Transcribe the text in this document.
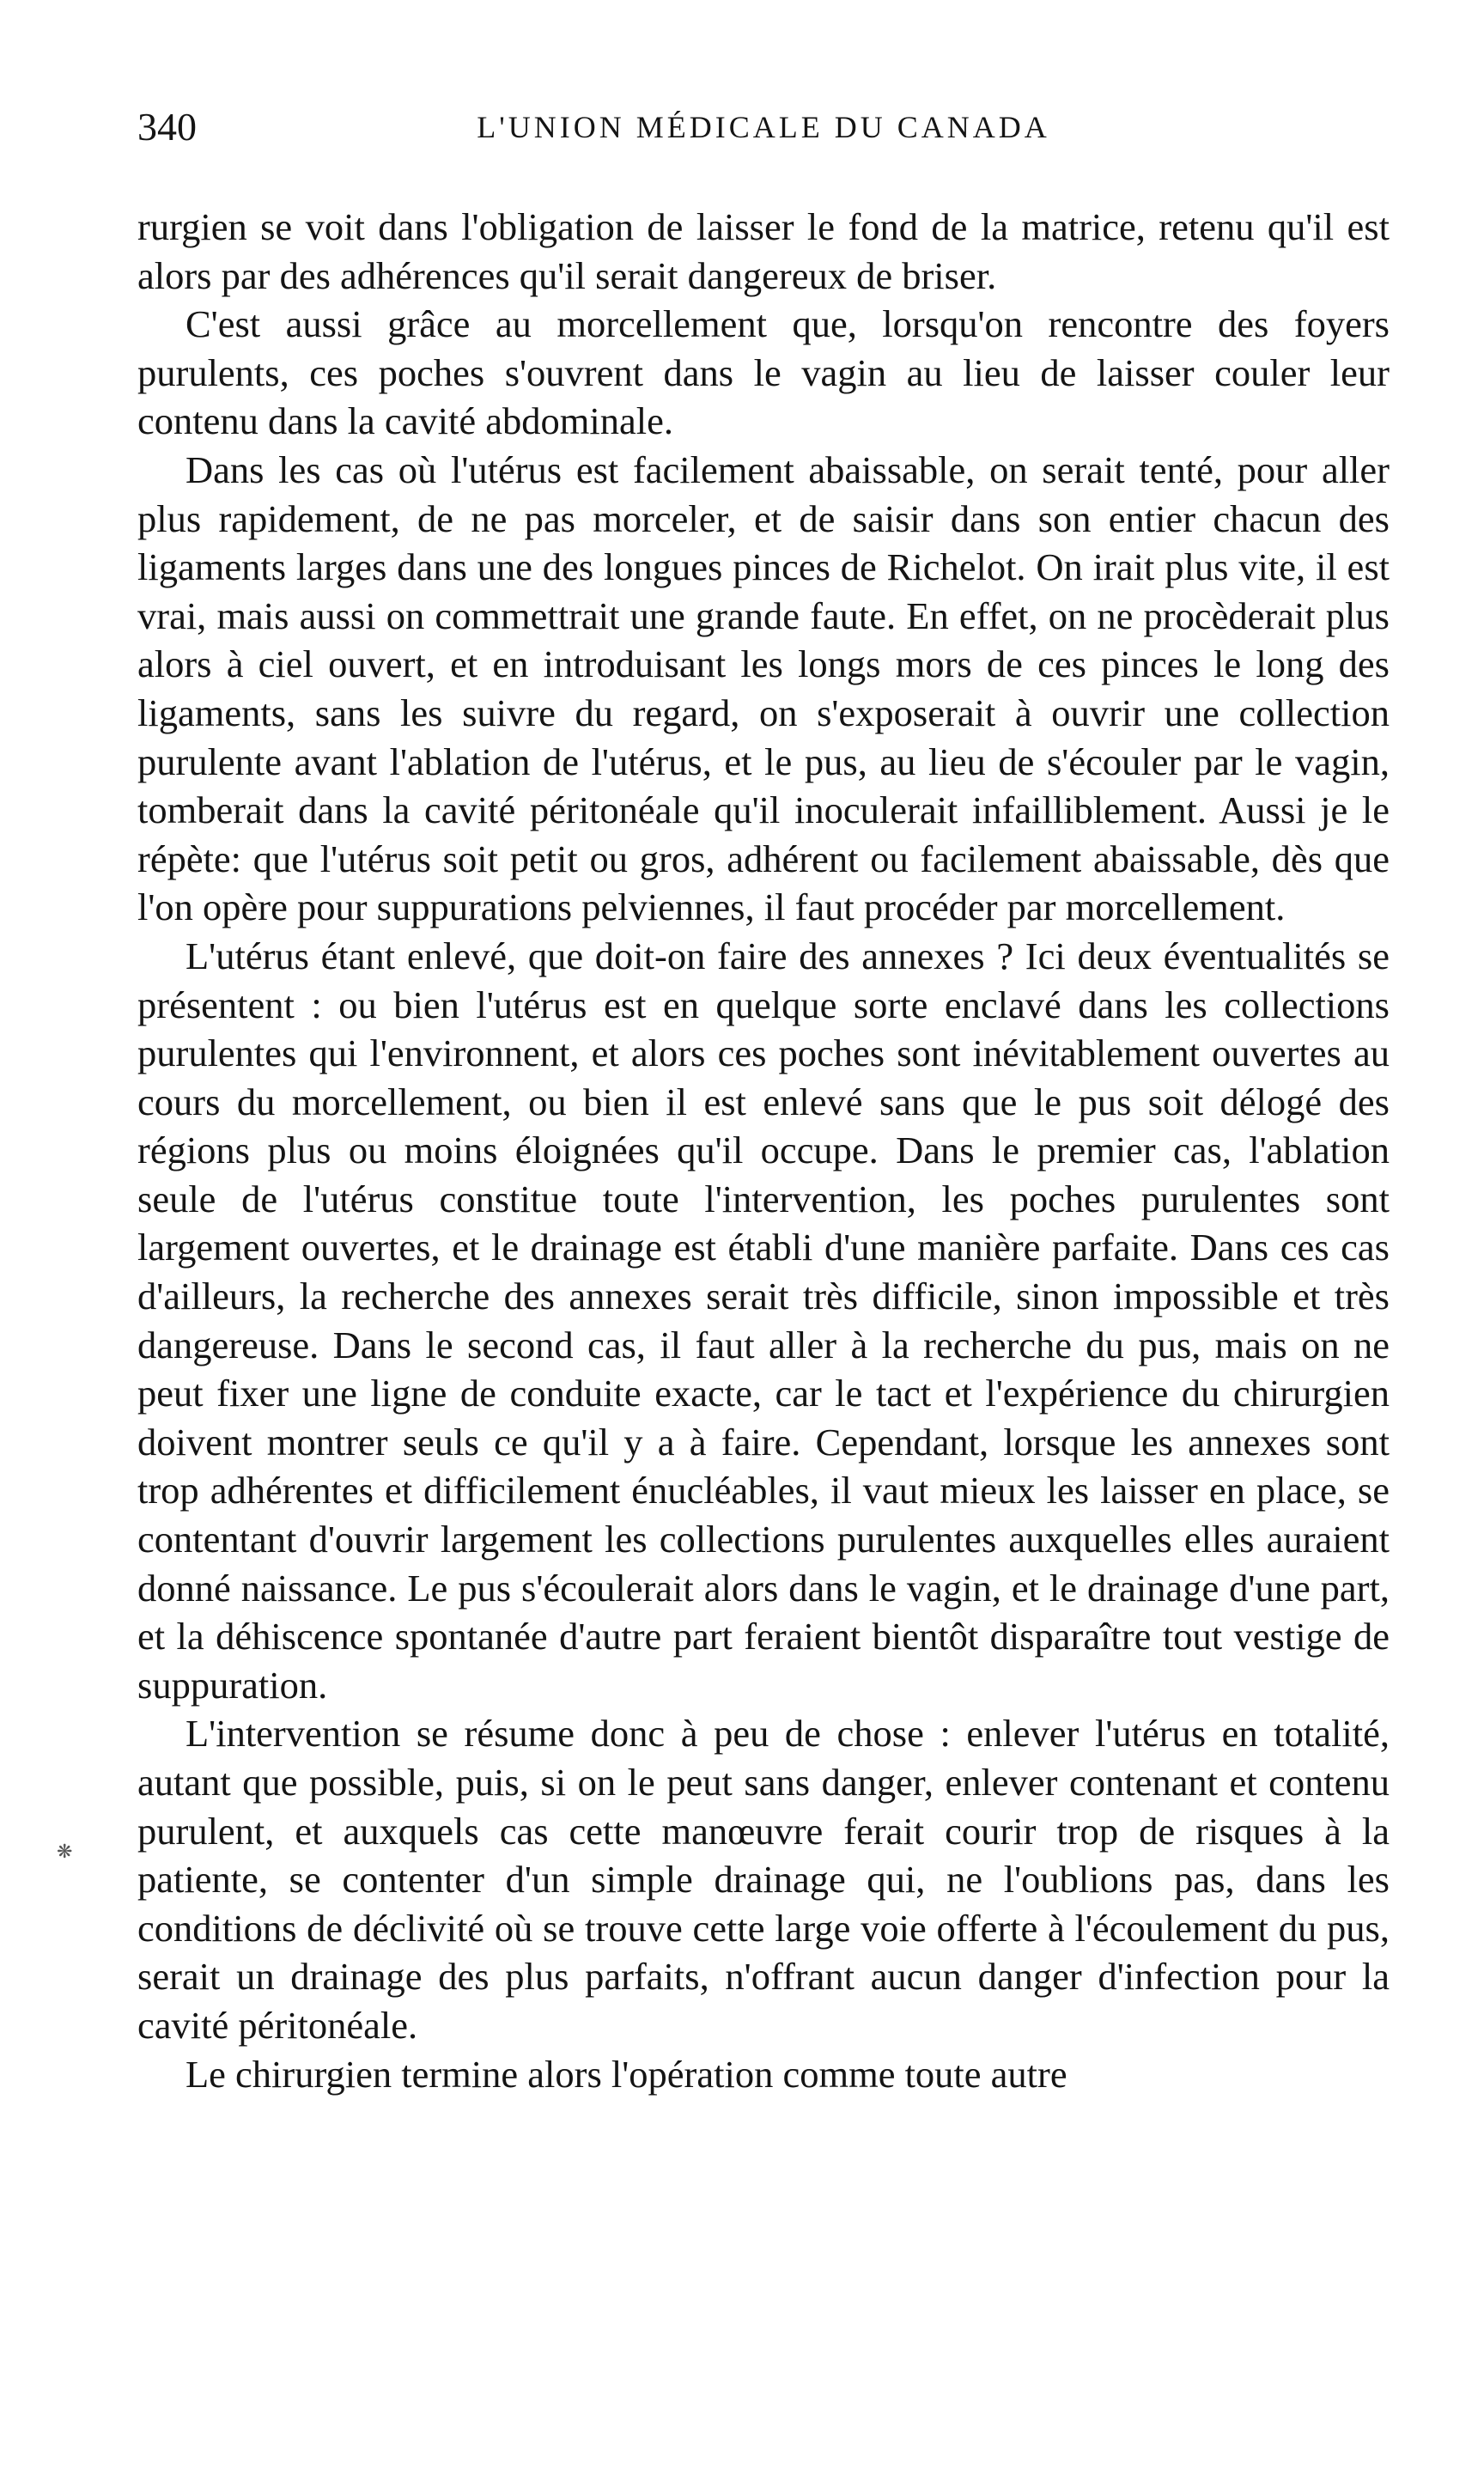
340	L'UNION MÉDICALE DU CANADA

rurgien se voit dans l'obligation de laisser le fond de la matrice, retenu qu'il est alors par des adhérences qu'il serait dangereux de briser.

C'est aussi grâce au morcellement que, lorsqu'on rencontre des foyers purulents, ces poches s'ouvrent dans le vagin au lieu de laisser couler leur contenu dans la cavité abdominale.

Dans les cas où l'utérus est facilement abaissable, on serait tenté, pour aller plus rapidement, de ne pas morceler, et de saisir dans son entier chacun des ligaments larges dans une des longues pinces de Richelot. On irait plus vite, il est vrai, mais aussi on commettrait une grande faute. En effet, on ne procèderait plus alors à ciel ouvert, et en introduisant les longs mors de ces pinces le long des ligaments, sans les suivre du regard, on s'exposerait à ouvrir une collection purulente avant l'ablation de l'utérus, et le pus, au lieu de s'écouler par le vagin, tomberait dans la cavité péritonéale qu'il inoculerait infailliblement. Aussi je le répète: que l'utérus soit petit ou gros, adhérent ou facilement abaissable, dès que l'on opère pour suppurations pelviennes, il faut procéder par morcellement.

L'utérus étant enlevé, que doit-on faire des annexes ? Ici deux éventualités se présentent : ou bien l'utérus est en quelque sorte enclavé dans les collections purulentes qui l'environnent, et alors ces poches sont inévitablement ouvertes au cours du morcellement, ou bien il est enlevé sans que le pus soit délogé des régions plus ou moins éloignées qu'il occupe. Dans le premier cas, l'ablation seule de l'utérus constitue toute l'intervention, les poches purulentes sont largement ouvertes, et le drainage est établi d'une manière parfaite. Dans ces cas d'ailleurs, la recherche des annexes serait très difficile, sinon impossible et très dangereuse. Dans le second cas, il faut aller à la recherche du pus, mais on ne peut fixer une ligne de conduite exacte, car le tact et l'expérience du chirurgien doivent montrer seuls ce qu'il y a à faire. Cependant, lorsque les annexes sont trop adhérentes et difficilement énucléables, il vaut mieux les laisser en place, se contentant d'ouvrir largement les collections purulentes auxquelles elles auraient donné naissance. Le pus s'écoulerait alors dans le vagin, et le drainage d'une part, et la déhiscence spontanée d'autre part feraient bientôt disparaître tout vestige de suppuration.

L'intervention se résume donc à peu de chose : enlever l'utérus en totalité, autant que possible, puis, si on le peut sans danger, enlever contenant et contenu purulent, et auxquels cas cette manœuvre ferait courir trop de risques à la patiente, se contenter d'un simple drainage qui, ne l'oublions pas, dans les conditions de déclivité où se trouve cette large voie offerte à l'écoulement du pus, serait un drainage des plus parfaits, n'offrant aucun danger d'infection pour la cavité péritonéale.

Le chirurgien termine alors l'opération comme toute autre

❋
